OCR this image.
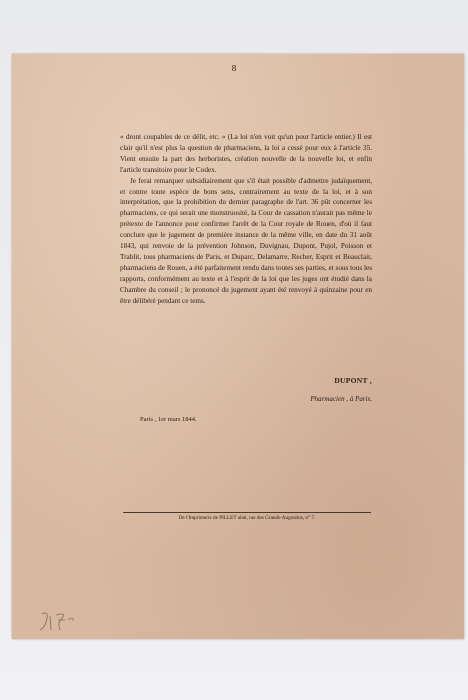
8

« dront coupables de ce délit, etc. » (La loi n'en voit qu'un pour l'article entier.) Il est clair qu'il n'est plus la question de pharmaciens, la loi a cessé pour eux à l'article 35. Vient ensuite la part des herboristes, création nouvelle de la nouvelle loi, et enfin l'article transitoire pour le Codex.

Je ferai remarquer subsidiairement que s'il était possible d'admettre judaïquement, et contre toute espèce de bons sens, contrairement au texte de la loi, et à son interprétation, que la prohibition du dernier paragraphe de l'art. 36 pût concerner les pharmaciens, ce qui serait une monstruosité, la Cour de cassation n'aurait pas même le prétexte de l'annonce pour confirmer l'arrêt de la Cour royale de Rouen, d'où il faut conclure que le jugement de première instance de la même ville, en date du 31 août 1843, qui renvoie de la prévention Johnson, Duvignau, Dupont, Pujol, Poisson et Trablit, tous pharmaciens de Paris, et Duparc, Delamarre, Recher, Esprit et Beauclair, pharmaciens de Rouen, a été parfaitement rendu dans toutes ses parties, et sous tous les rapports, conformément au texte et à l'esprit de la loi que les juges ont étudié dans la Chambre du conseil ; le prononcé du jugement ayant été renvoyé à quinzaine pour en être délibéré pendant ce tems.

DUPONT ,
Pharmacien , à Paris.
Paris , 1er mars 1844.
De l'Imprimerie de PILLET aîné, rue des Grands-Augustins, n° 7.
